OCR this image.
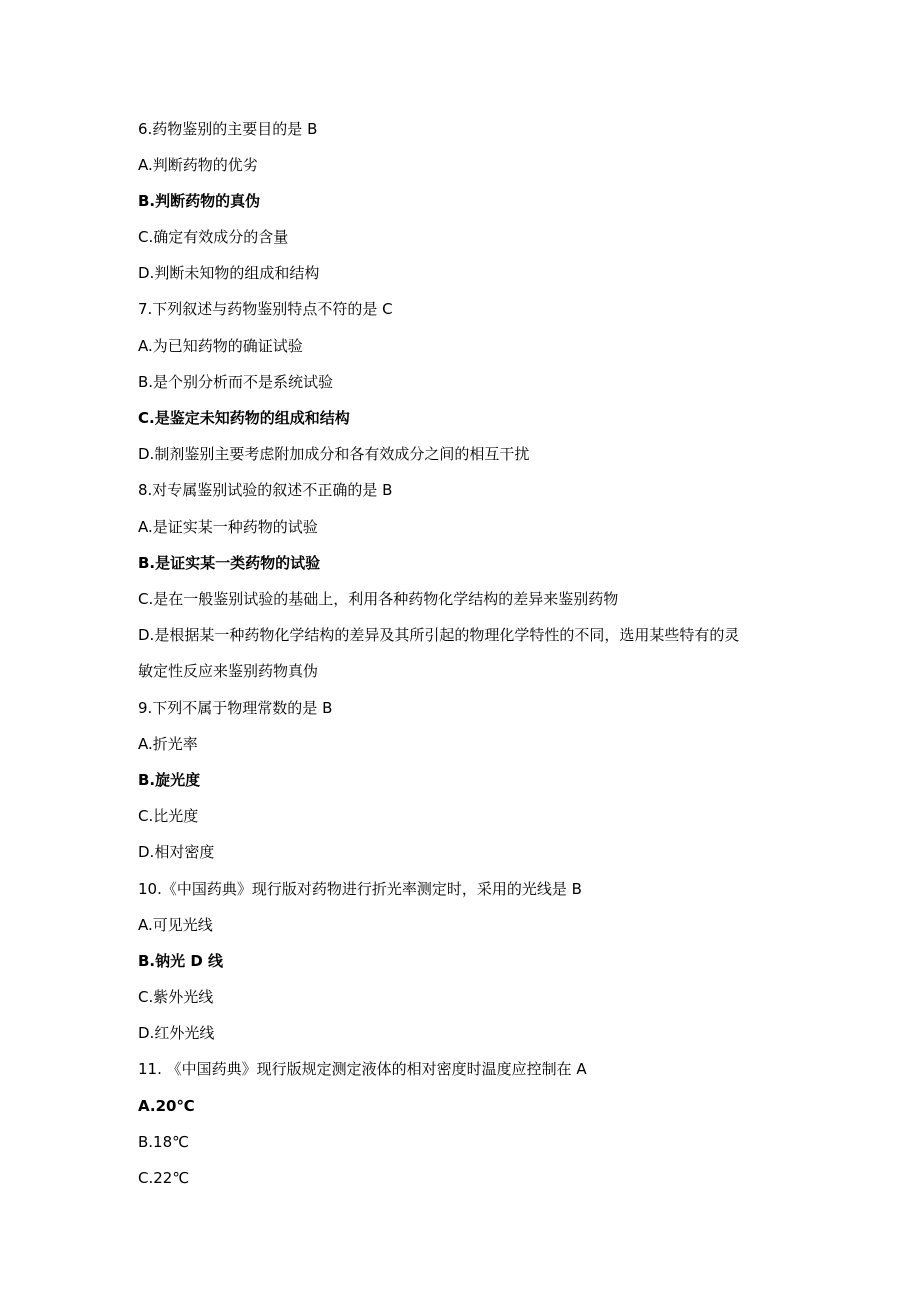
6.药物鉴别的主要目的是 B
A.判断药物的优劣
B.判断药物的真伪
C.确定有效成分的含量
D.判断未知物的组成和结构
7.下列叙述与药物鉴别特点不符的是 C
A.为已知药物的确证试验
B.是个别分析而不是系统试验
C.是鉴定未知药物的组成和结构
D.制剂鉴别主要考虑附加成分和各有效成分之间的相互干扰
8.对专属鉴别试验的叙述不正确的是 B
A.是证实某一种药物的试验
B.是证实某一类药物的试验
C.是在一般鉴别试验的基础上，利用各种药物化学结构的差异来鉴别药物
D.是根据某一种药物化学结构的差异及其所引起的物理化学特性的不同，选用某些特有的灵
敏定性反应来鉴别药物真伪
9.下列不属于物理常数的是 B
A.折光率
B.旋光度
C.比光度
D.相对密度
10.《中国药典》现行版对药物进行折光率测定时，采用的光线是 B
A.可见光线
B.钠光 D 线
C.紫外光线
D.红外光线
11. 《中国药典》现行版规定测定液体的相对密度时温度应控制在 A
A.20℃
B.18℃
C.22℃
